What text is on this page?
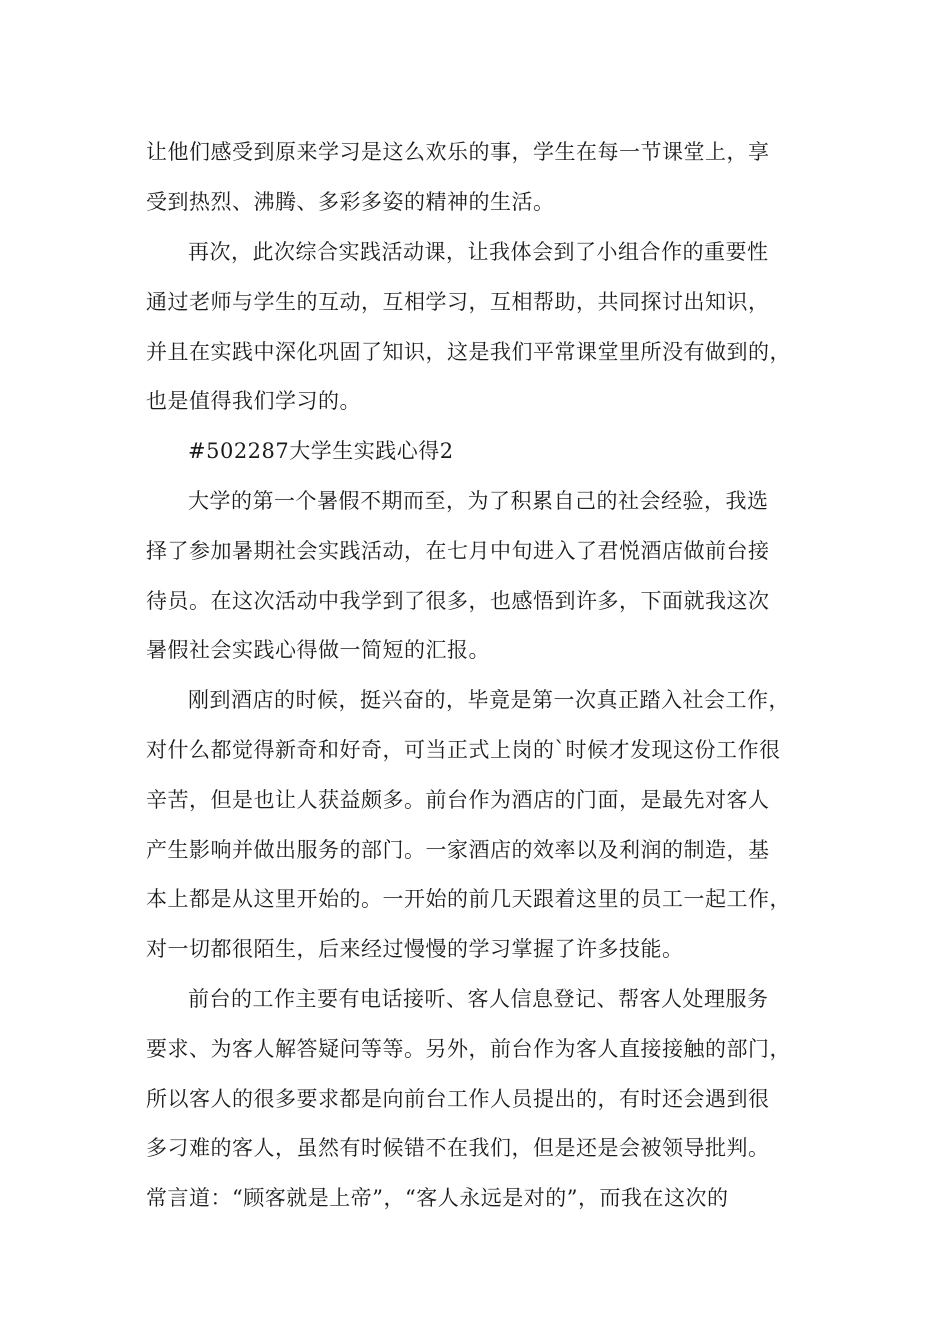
让他们感受到原来学习是这么欢乐的事，学生在每一节课堂上，享
受到热烈、沸腾、多彩多姿的精神的生活。
再次，此次综合实践活动课，让我体会到了小组合作的重要性
通过老师与学生的互动，互相学习，互相帮助，共同探讨出知识，
并且在实践中深化巩固了知识，这是我们平常课堂里所没有做到的，
也是值得我们学习的。
#502287大学生实践心得2
大学的第一个暑假不期而至，为了积累自己的社会经验，我选
择了参加暑期社会实践活动，在七月中旬进入了君悦酒店做前台接
待员。在这次活动中我学到了很多，也感悟到许多，下面就我这次
暑假社会实践心得做一简短的汇报。
刚到酒店的时候，挺兴奋的，毕竟是第一次真正踏入社会工作，
对什么都觉得新奇和好奇，可当正式上岗的`时候才发现这份工作很
辛苦，但是也让人获益颇多。前台作为酒店的门面，是最先对客人
产生影响并做出服务的部门。一家酒店的效率以及利润的制造，基
本上都是从这里开始的。一开始的前几天跟着这里的员工一起工作，
对一切都很陌生，后来经过慢慢的学习掌握了许多技能。
前台的工作主要有电话接听、客人信息登记、帮客人处理服务
要求、为客人解答疑问等等。另外，前台作为客人直接接触的部门，
所以客人的很多要求都是向前台工作人员提出的，有时还会遇到很
多刁难的客人，虽然有时候错不在我们，但是还是会被领导批判。
常言道：“顾客就是上帝”，“客人永远是对的”，而我在这次的
